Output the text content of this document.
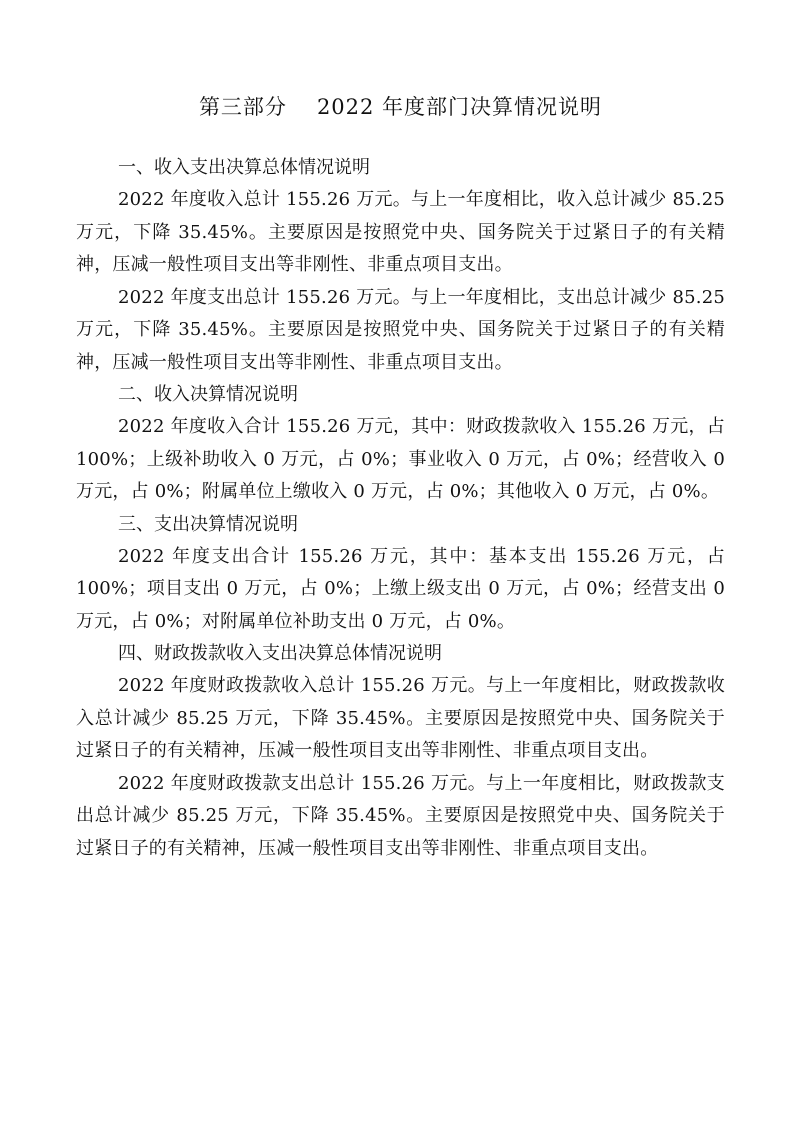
第三部分 2022 年度部门决算情况说明

一、收入支出决算总体情况说明

2022 年度收入总计 155.26 万元。与上一年度相比，收入总计减少 85.25 万元，下降 35.45%。主要原因是按照党中央、国务院关于过紧日子的有关精神，压减一般性项目支出等非刚性、非重点项目支出。

2022 年度支出总计 155.26 万元。与上一年度相比，支出总计减少 85.25 万元，下降 35.45%。主要原因是按照党中央、国务院关于过紧日子的有关精神，压减一般性项目支出等非刚性、非重点项目支出。

二、收入决算情况说明

2022 年度收入合计 155.26 万元，其中：财政拨款收入 155.26 万元，占 100%；上级补助收入 0 万元，占 0%；事业收入 0 万元，占 0%；经营收入 0 万元，占 0%；附属单位上缴收入 0 万元，占 0%；其他收入 0 万元，占 0%。

三、支出决算情况说明

2022 年度支出合计 155.26 万元，其中：基本支出 155.26 万元，占 100%；项目支出 0 万元，占 0%；上缴上级支出 0 万元，占 0%；经营支出 0 万元，占 0%；对附属单位补助支出 0 万元，占 0%。

四、财政拨款收入支出决算总体情况说明

2022 年度财政拨款收入总计 155.26 万元。与上一年度相比，财政拨款收入总计减少 85.25 万元，下降 35.45%。主要原因是按照党中央、国务院关于过紧日子的有关精神，压减一般性项目支出等非刚性、非重点项目支出。

2022 年度财政拨款支出总计 155.26 万元。与上一年度相比，财政拨款支出总计减少 85.25 万元，下降 35.45%。主要原因是按照党中央、国务院关于过紧日子的有关精神，压减一般性项目支出等非刚性、非重点项目支出。
